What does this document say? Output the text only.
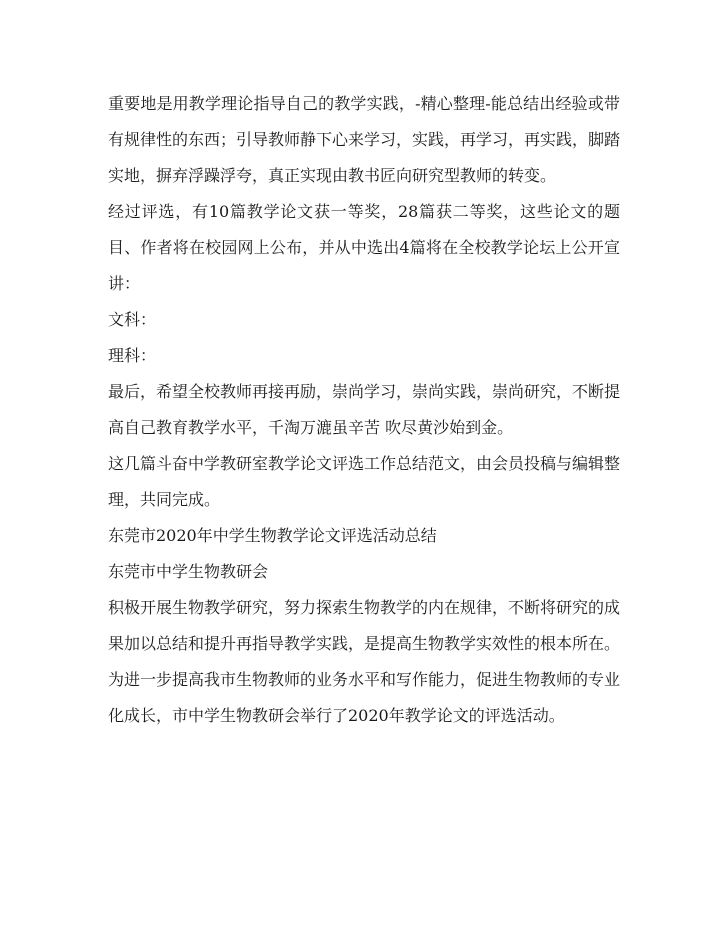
重要地是用教学理论指导自己的教学实践，-精心整理-能总结出经验或带有规律性的东西；引导教师静下心来学习，实践，再学习，再实践，脚踏实地，摒弃浮躁浮夸，真正实现由教书匠向研究型教师的转变。

经过评选，有10篇教学论文获一等奖，28篇获二等奖，这些论文的题目、作者将在校园网上公布，并从中选出4篇将在全校教学论坛上公开宣讲：

文科：

理科：

最后，希望全校教师再接再励，崇尚学习，崇尚实践，崇尚研究，不断提高自己教育教学水平，千淘万漉虽辛苦 吹尽黄沙始到金。

这几篇斗奋中学教研室教学论文评选工作总结范文，由会员投稿与编辑整理，共同完成。

东莞市2020年中学生物教学论文评选活动总结

东莞市中学生物教研会

积极开展生物教学研究，努力探索生物教学的内在规律，不断将研究的成果加以总结和提升再指导教学实践，是提高生物教学实效性的根本所在。为进一步提高我市生物教师的业务水平和写作能力，促进生物教师的专业化成长，市中学生物教研会举行了2020年教学论文的评选活动。
